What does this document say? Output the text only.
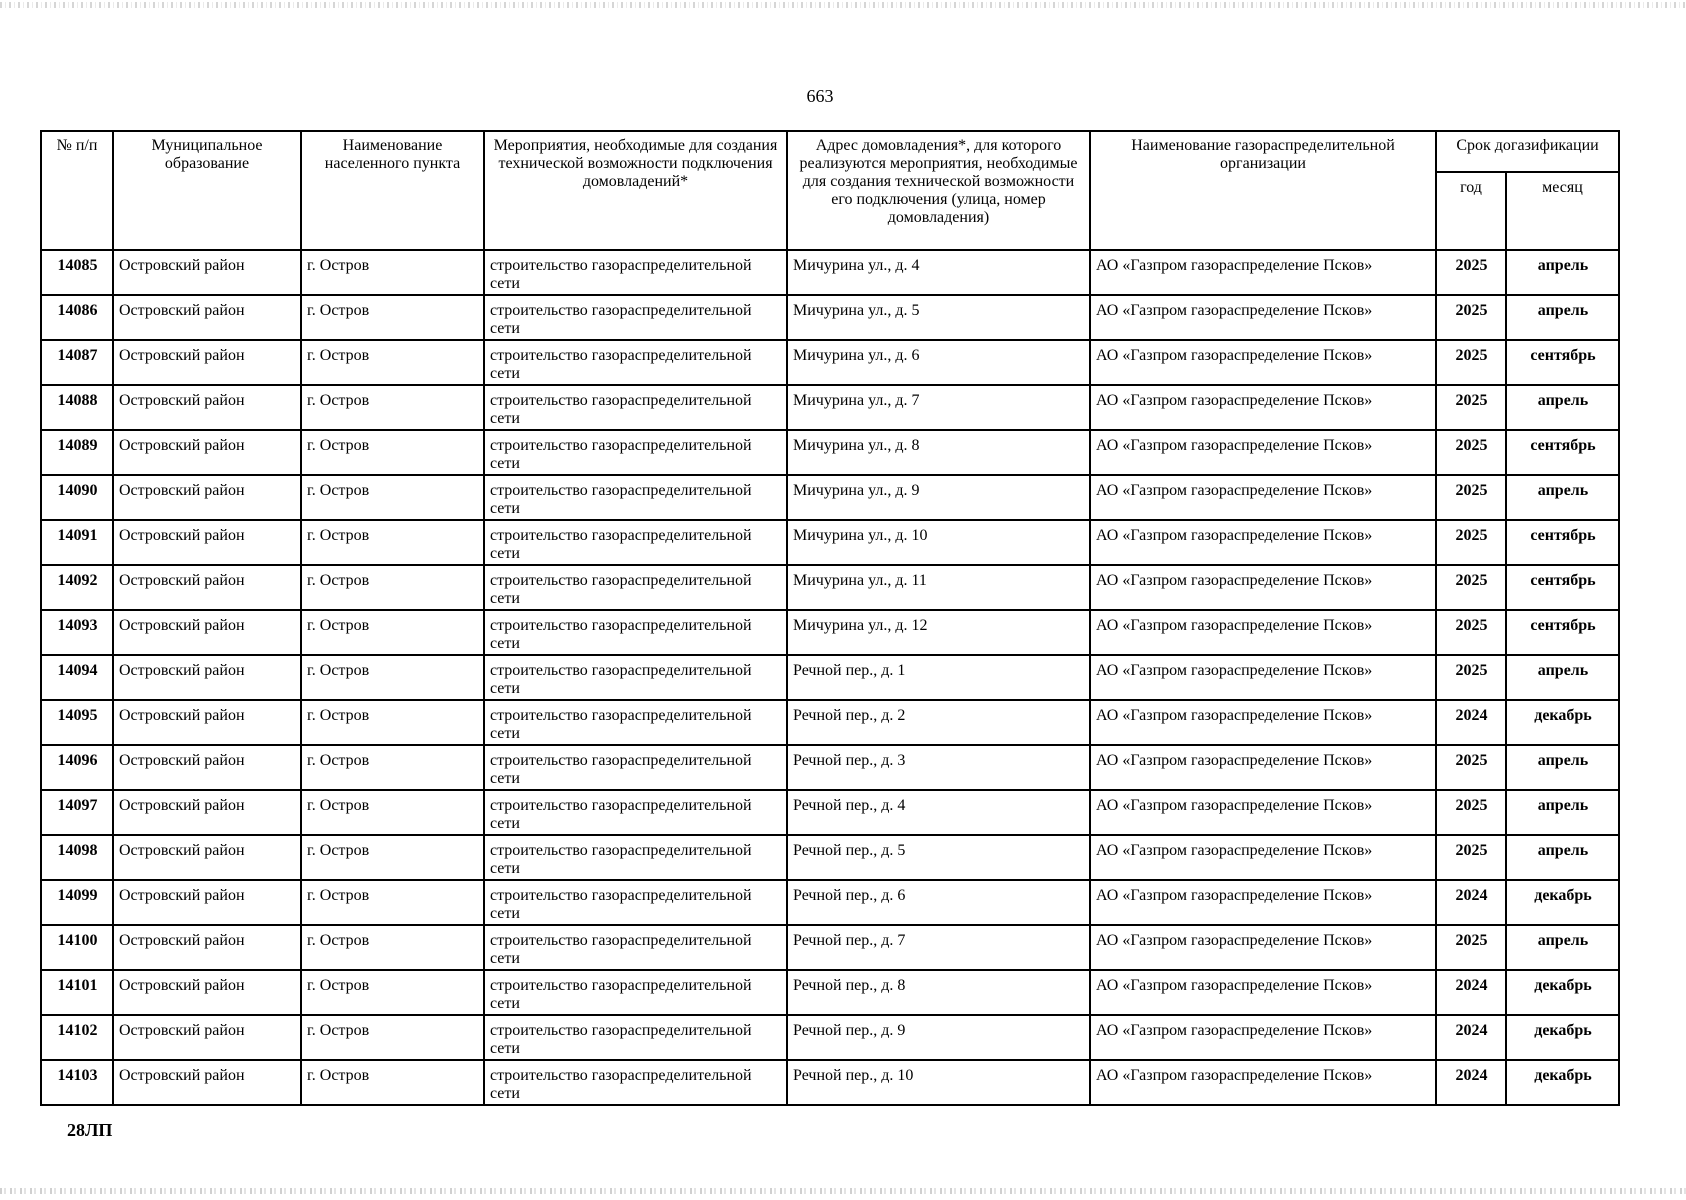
663
№ п/п	Муниципальное образование	Наименование населенного пункта	Мероприятия, необходимые для создания технической возможности подключения домовладений*	Адрес домовладения*, для которого реализуются мероприятия, необходимые для создания технической возможности его подключения (улица, номер домовладения)	Наименование газораспределительной организации	Срок догазификации	
						год	месяц
14085	Островский район	г. Остров	строительство газораспределительной сети	Мичурина ул., д. 4	АО «Газпром газораспределение Псков»	2025	апрель
14086	Островский район	г. Остров	строительство газораспределительной сети	Мичурина ул., д. 5	АО «Газпром газораспределение Псков»	2025	апрель
14087	Островский район	г. Остров	строительство газораспределительной сети	Мичурина ул., д. 6	АО «Газпром газораспределение Псков»	2025	сентябрь
14088	Островский район	г. Остров	строительство газораспределительной сети	Мичурина ул., д. 7	АО «Газпром газораспределение Псков»	2025	апрель
14089	Островский район	г. Остров	строительство газораспределительной сети	Мичурина ул., д. 8	АО «Газпром газораспределение Псков»	2025	сентябрь
14090	Островский район	г. Остров	строительство газораспределительной сети	Мичурина ул., д. 9	АО «Газпром газораспределение Псков»	2025	апрель
14091	Островский район	г. Остров	строительство газораспределительной сети	Мичурина ул., д. 10	АО «Газпром газораспределение Псков»	2025	сентябрь
14092	Островский район	г. Остров	строительство газораспределительной сети	Мичурина ул., д. 11	АО «Газпром газораспределение Псков»	2025	сентябрь
14093	Островский район	г. Остров	строительство газораспределительной сети	Мичурина ул., д. 12	АО «Газпром газораспределение Псков»	2025	сентябрь
14094	Островский район	г. Остров	строительство газораспределительной сети	Речной пер., д. 1	АО «Газпром газораспределение Псков»	2025	апрель
14095	Островский район	г. Остров	строительство газораспределительной сети	Речной пер., д. 2	АО «Газпром газораспределение Псков»	2024	декабрь
14096	Островский район	г. Остров	строительство газораспределительной сети	Речной пер., д. 3	АО «Газпром газораспределение Псков»	2025	апрель
14097	Островский район	г. Остров	строительство газораспределительной сети	Речной пер., д. 4	АО «Газпром газораспределение Псков»	2025	апрель
14098	Островский район	г. Остров	строительство газораспределительной сети	Речной пер., д. 5	АО «Газпром газораспределение Псков»	2025	апрель
14099	Островский район	г. Остров	строительство газораспределительной сети	Речной пер., д. 6	АО «Газпром газораспределение Псков»	2024	декабрь
14100	Островский район	г. Остров	строительство газораспределительной сети	Речной пер., д. 7	АО «Газпром газораспределение Псков»	2025	апрель
14101	Островский район	г. Остров	строительство газораспределительной сети	Речной пер., д. 8	АО «Газпром газораспределение Псков»	2024	декабрь
14102	Островский район	г. Остров	строительство газораспределительной сети	Речной пер., д. 9	АО «Газпром газораспределение Псков»	2024	декабрь
14103	Островский район	г. Остров	строительство газораспределительной сети	Речной пер., д. 10	АО «Газпром газораспределение Псков»	2024	декабрь
28ЛП
